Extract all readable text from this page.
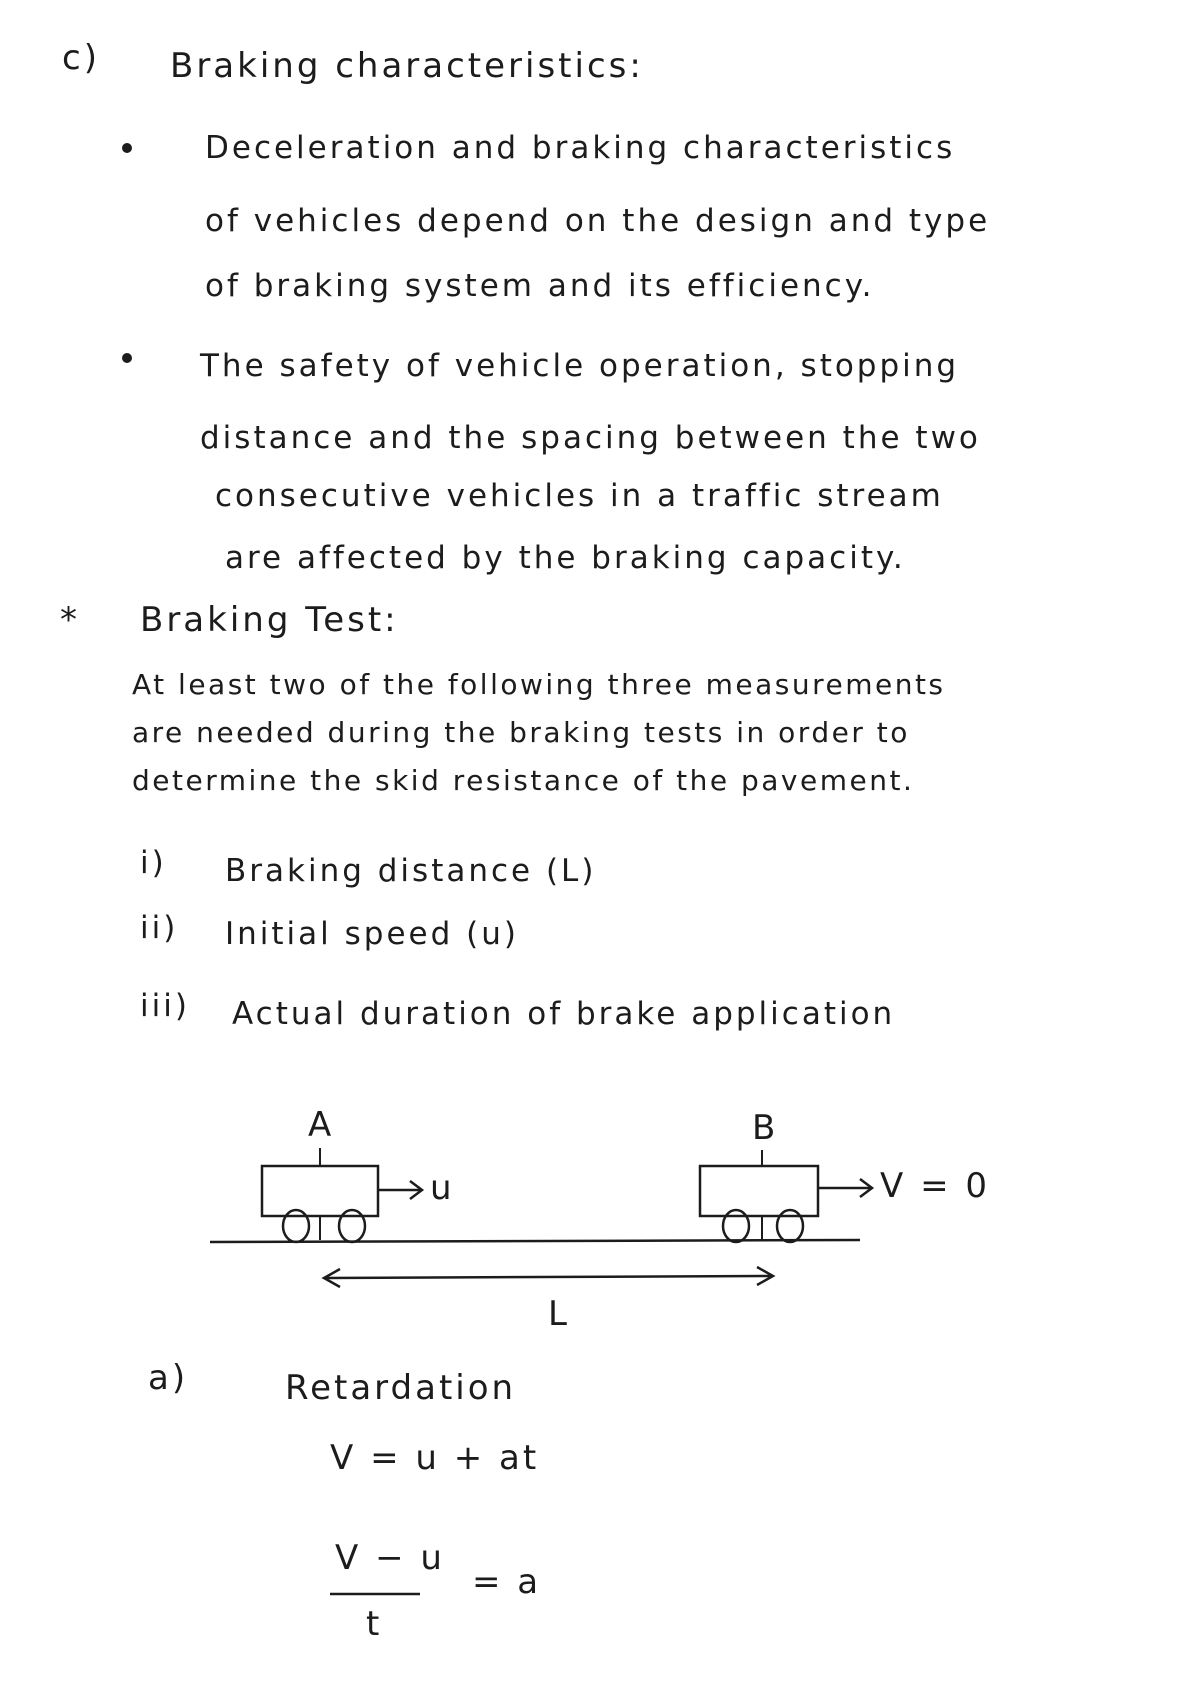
c) Braking characteristics:
Deceleration and braking characteristics
of vehicles depend on the design and type
of braking system and its efficiency.
The safety of vehicle operation, stopping
distance and the spacing between the two
consecutive vehicles in a traffic stream
are affected by the braking capacity.
* Braking Test:
At least two of the following three measurements
are needed during the braking tests in order to
determine the skid resistance of the pavement.
i) Braking distance (L)
ii) Initial speed (u)
iii) Actual duration of brake application
A	B
u	V = 0
L
a)	Retardation
V = u + at
V − u
t
= a
